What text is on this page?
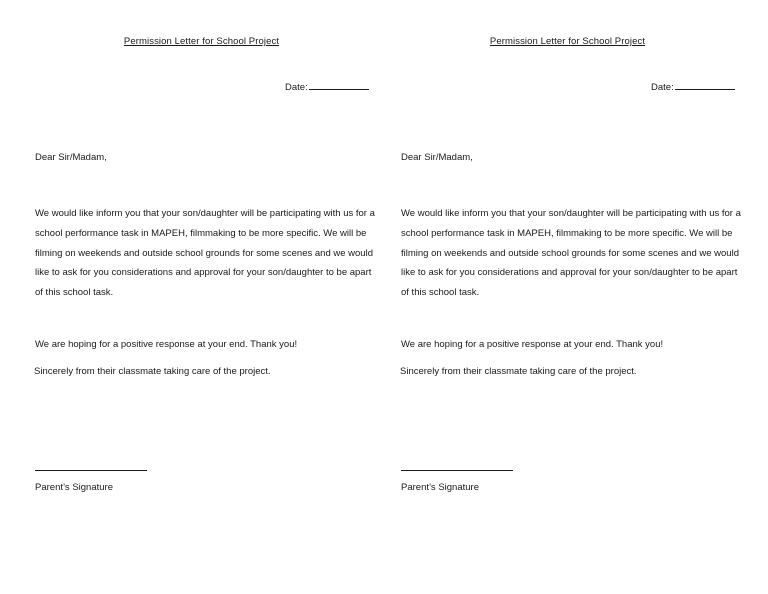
Permission Letter for School Project
Date:
Dear Sir/Madam,

We would like inform you that your son/daughter will be participating with us for a school performance task in MAPEH, filmmaking to be more specific. We will be filming on weekends and outside school grounds for some scenes and we would like to ask for you considerations and approval for your son/daughter to be apart of this school task.

We are hoping for a positive response at your end. Thank you!
Sincerely from their classmate taking care of the project.
Parent’s Signature
Permission Letter for School Project
Date:
Dear Sir/Madam,

We would like inform you that your son/daughter will be participating with us for a school performance task in MAPEH, filmmaking to be more specific. We will be filming on weekends and outside school grounds for some scenes and we would like to ask for you considerations and approval for your son/daughter to be apart of this school task.

We are hoping for a positive response at your end. Thank you!
Sincerely from their classmate taking care of the project.
Parent’s Signature
